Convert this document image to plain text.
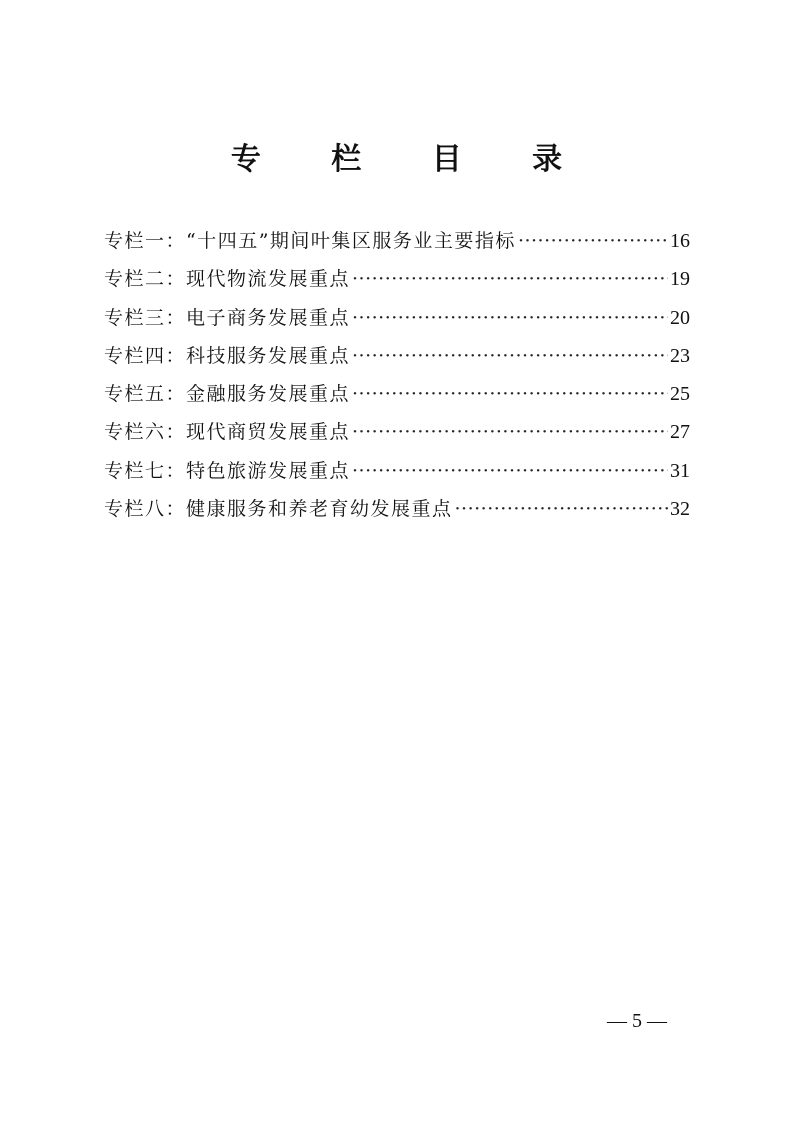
专 栏 目 录
专栏一：“十四五”期间叶集区服务业主要指标 ·····	16
专栏二：现代物流发展重点 ·····	19
专栏三：电子商务发展重点 ·····	20
专栏四：科技服务发展重点 ·····	23
专栏五：金融服务发展重点 ·····	25
专栏六：现代商贸发展重点 ·····	27
专栏七：特色旅游发展重点 ·····	31
专栏八：健康服务和养老育幼发展重点 ·····	32
— 5 —
